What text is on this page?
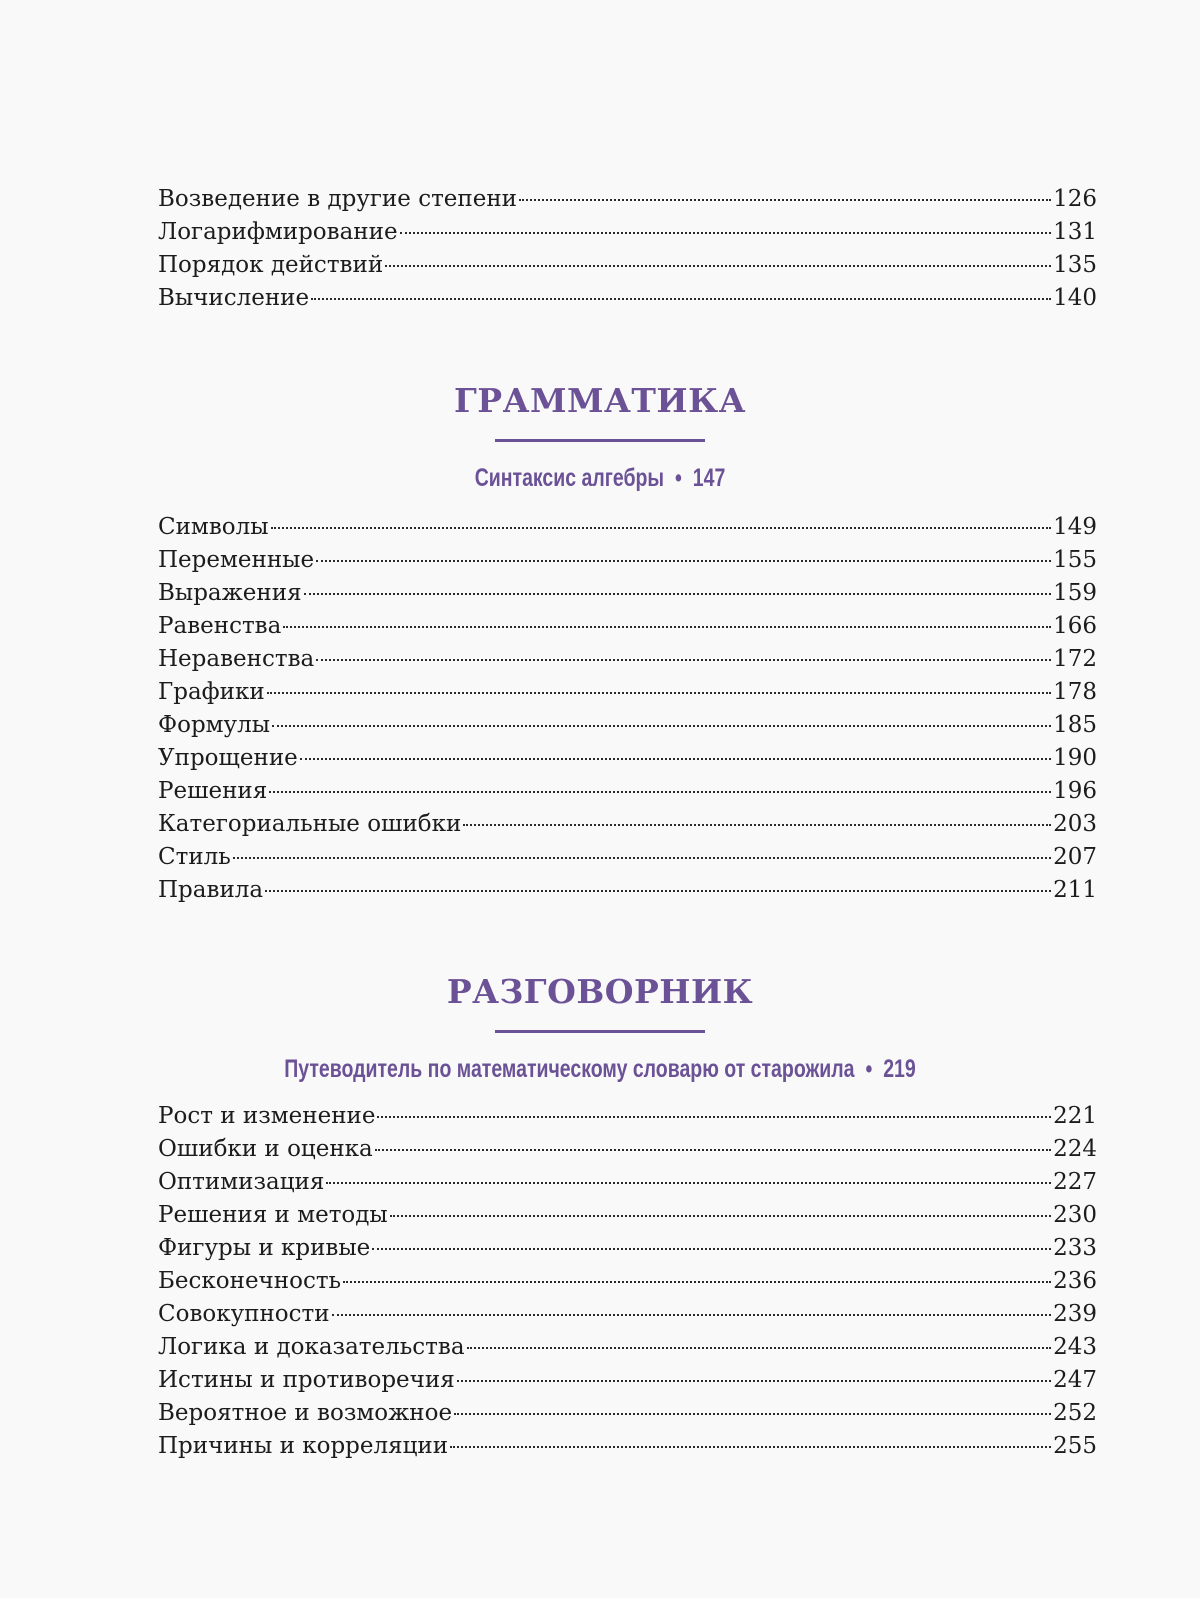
Возведение в другие степени	126
Логарифмирование	131
Порядок действий	135
Вычисление	140
ГРАММАТИКА
Синтаксис алгебры • 147
Символы	149
Переменные	155
Выражения	159
Равенства	166
Неравенства	172
Графики	178
Формулы	185
Упрощение	190
Решения	196
Категориальные ошибки	203
Стиль	207
Правила	211
РАЗГОВОРНИК
Путеводитель по математическому словарю от старожила • 219
Рост и изменение	221
Ошибки и оценка	224
Оптимизация	227
Решения и методы	230
Фигуры и кривые	233
Бесконечность	236
Совокупности	239
Логика и доказательства	243
Истины и противоречия	247
Вероятное и возможное	252
Причины и корреляции	255
